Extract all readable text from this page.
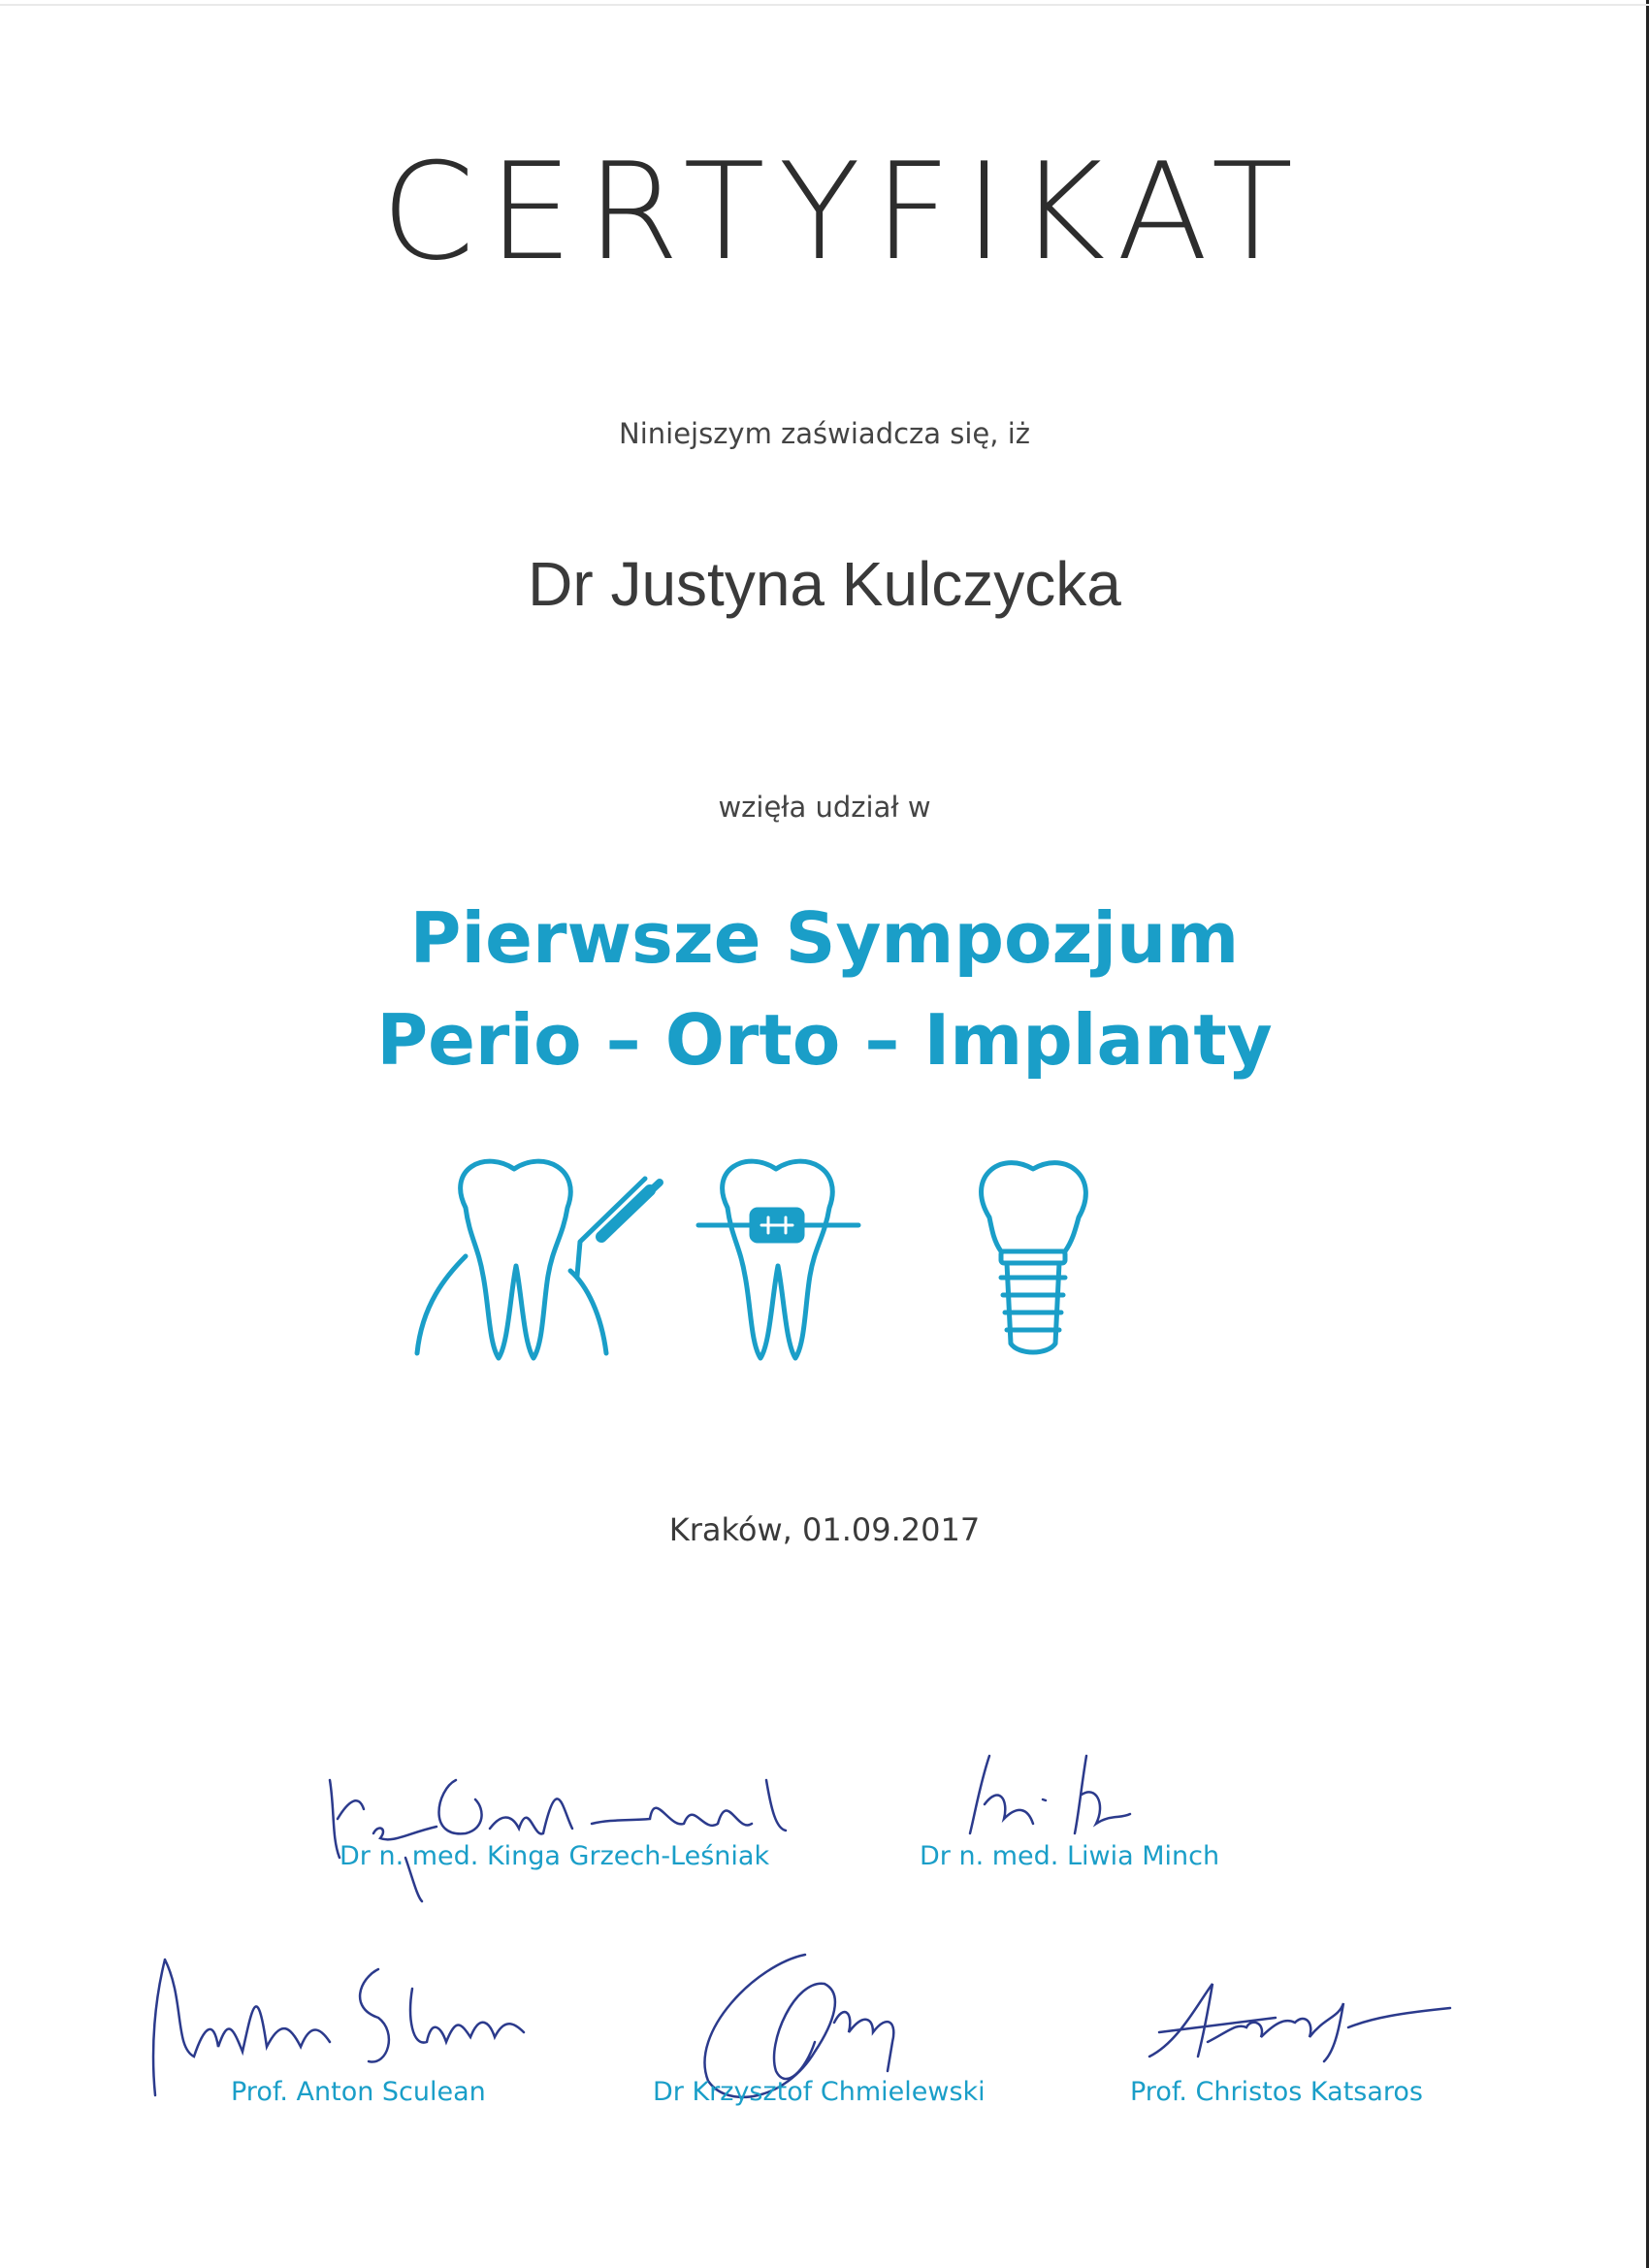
CERTYFIKAT
Niniejszym zaświadcza się, iż
Dr Justyna Kulczycka
wzięła udział w
Pierwsze Sympozjum
Perio – Orto – Implanty
Kraków, 01.09.2017
Dr n. med. Kinga Grzech-Leśniak	Dr n. med. Liwia Minch
Prof. Anton Sculean	Dr Krzysztof Chmielewski	Prof. Christos Katsaros
